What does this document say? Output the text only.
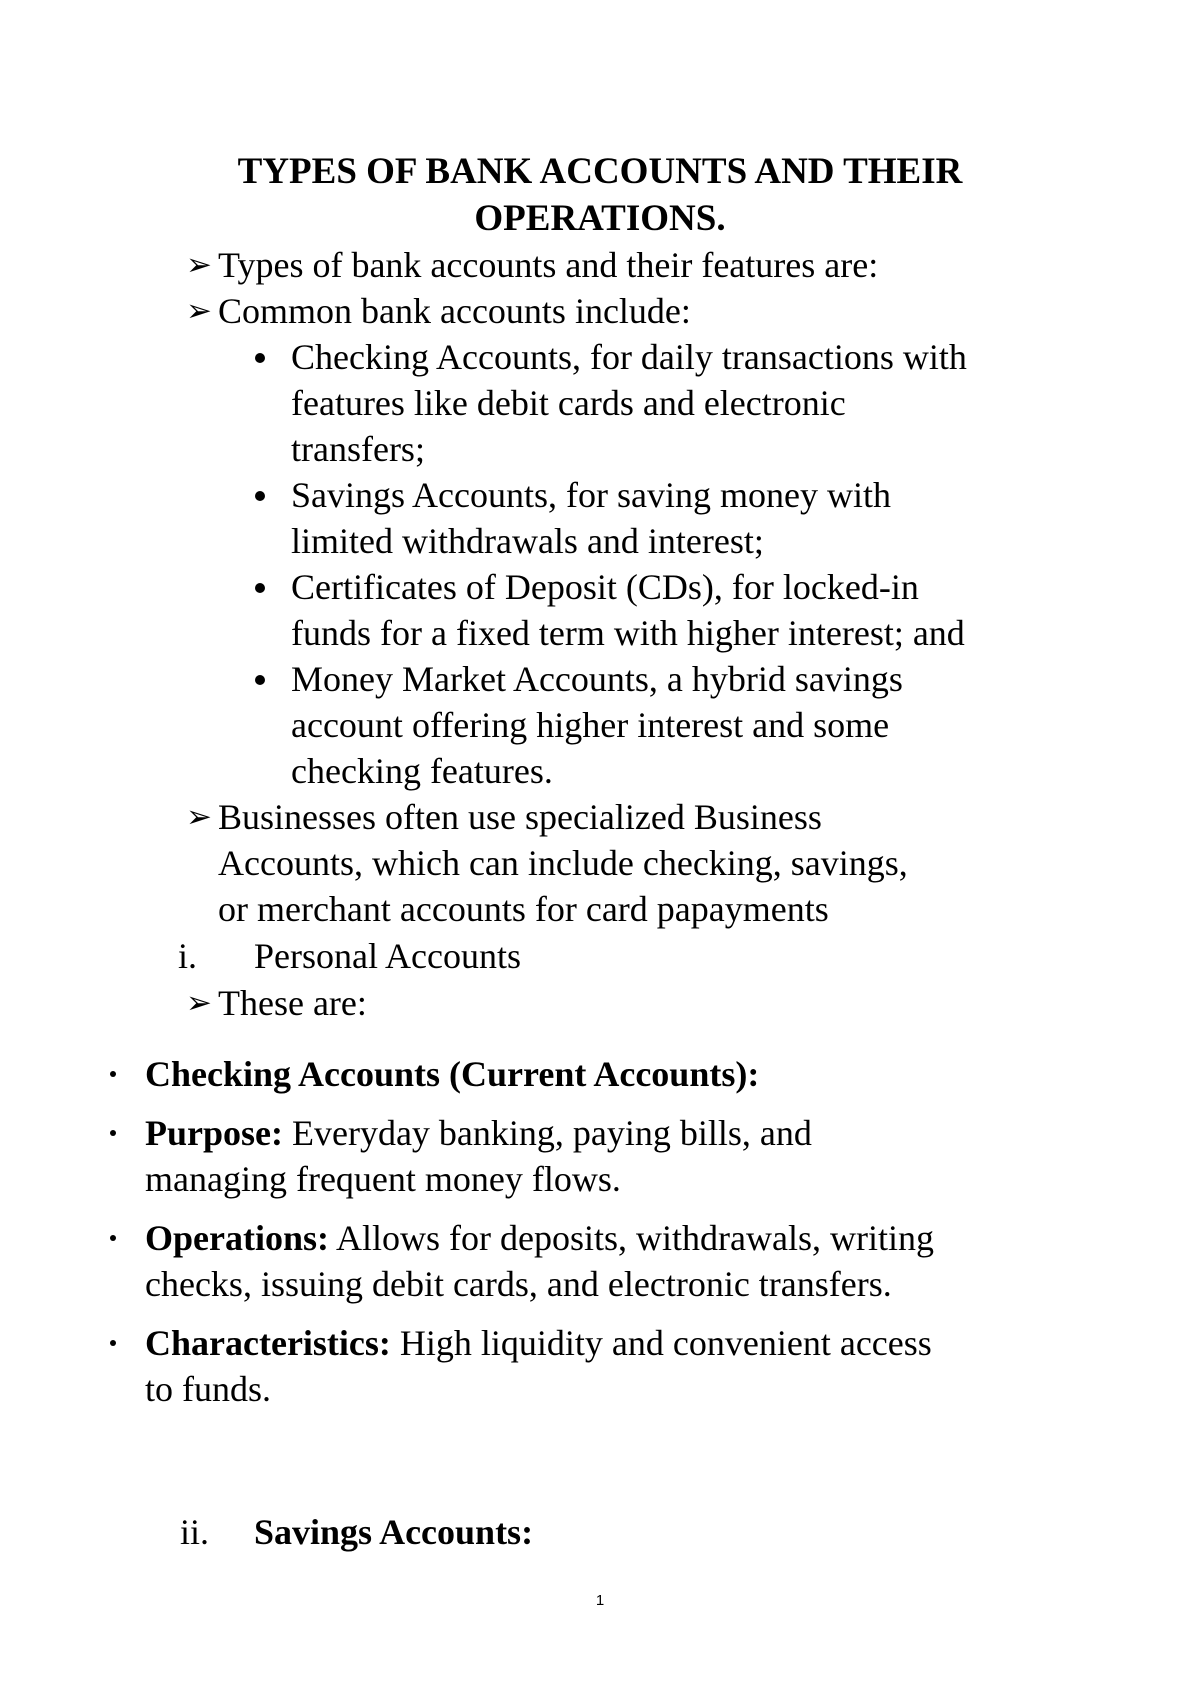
TYPES OF BANK ACCOUNTS AND THEIR

OPERATIONS.

➢ Types of bank accounts and their features are:

➢ Common bank accounts include:

Checking Accounts, for daily transactions with

features like debit cards and electronic

transfers;

Savings Accounts, for saving money with

limited withdrawals and interest;

Certificates of Deposit (CDs), for locked-in

funds for a fixed term with higher interest; and

Money Market Accounts, a hybrid savings

account offering higher interest and some

checking features.

➢ Businesses often use specialized Business

Accounts, which can include checking, savings,

or merchant accounts for card papayments

i. Personal Accounts

➢ These are:

Checking Accounts (Current Accounts):

Purpose: Everyday banking, paying bills, and

managing frequent money flows.

Operations: Allows for deposits, withdrawals, writing

checks, issuing debit cards, and electronic transfers.

Characteristics: High liquidity and convenient access

to funds.

ii. Savings Accounts:

1
